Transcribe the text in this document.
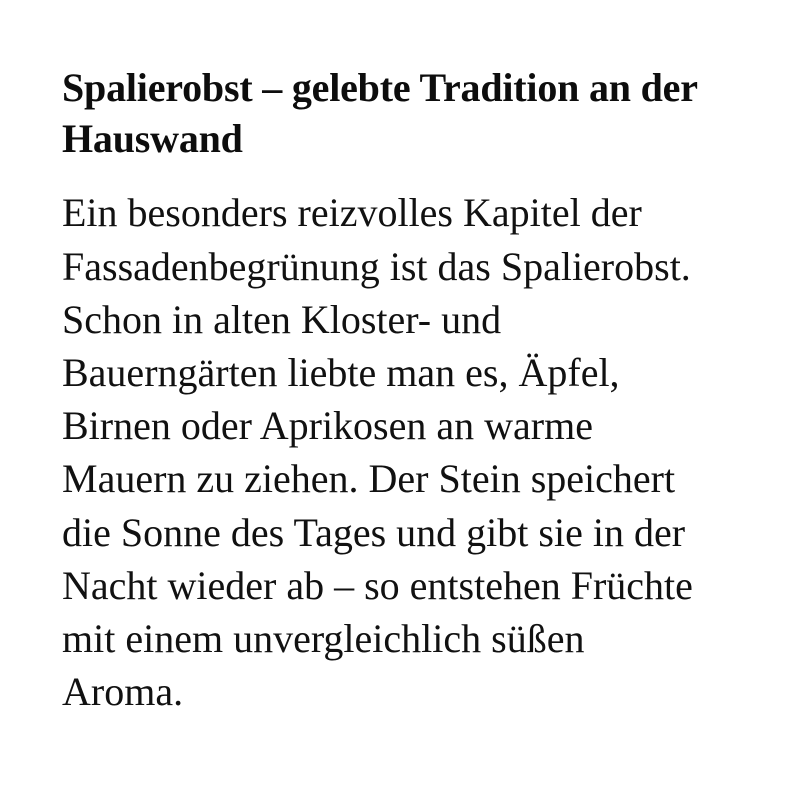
Spalierobst – gelebte Tradition an der Hauswand

Ein besonders reizvolles Kapitel der Fassadenbegrünung ist das Spalierobst. Schon in alten Kloster- und Bauerngärten liebte man es, Äpfel, Birnen oder Aprikosen an warme Mauern zu ziehen. Der Stein speichert die Sonne des Tages und gibt sie in der Nacht wieder ab – so entstehen Früchte mit einem unvergleichlich süßen Aroma.
